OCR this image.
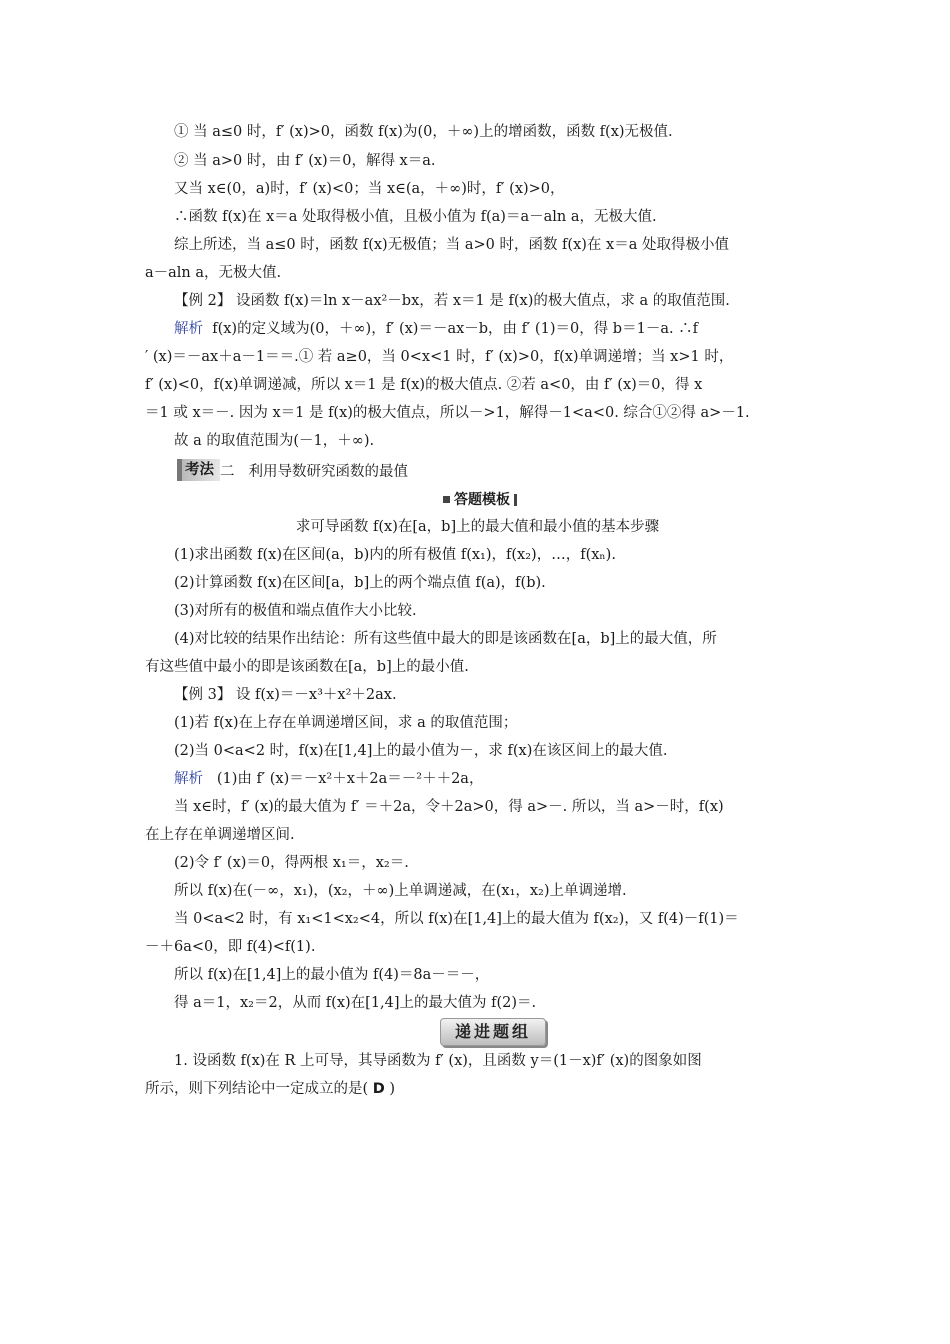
① 当 a≤0 时，f′ (x)>0，函数 f(x)为(0，＋∞)上的增函数，函数 f(x)无极值.
② 当 a>0 时，由 f′ (x)＝0，解得 x＝a.
又当 x∈(0，a)时，f′ (x)<0；当 x∈(a，＋∞)时，f′ (x)>0，
∴函数 f(x)在 x＝a 处取得极小值，且极小值为 f(a)＝a－aln a，无极大值.
综上所述，当 a≤0 时，函数 f(x)无极值；当 a>0 时，函数 f(x)在 x＝a 处取得极小值
a－aln a，无极大值.
【例 2】 设函数 f(x)＝ln x－ax²－bx，若 x＝1 是 f(x)的极大值点，求 a 的取值范围.
解析 f(x)的定义域为(0，＋∞)，f′ (x)＝－ax－b，由 f′ (1)＝0，得 b＝1－a. ∴f
′ (x)＝－ax＋a－1＝＝.① 若 a≥0，当 0<x<1 时，f′ (x)>0，f(x)单调递增；当 x>1 时，
f′ (x)<0，f(x)单调递减，所以 x＝1 是 f(x)的极大值点. ②若 a<0，由 f′ (x)＝0，得 x
＝1 或 x＝－. 因为 x＝1 是 f(x)的极大值点，所以－>1，解得－1<a<0. 综合①②得 a>－1.
故 a 的取值范围为(－1，＋∞).
考法 二 利用导数研究函数的最值
答题模板
求可导函数 f(x)在[a，b]上的最大值和最小值的基本步骤
(1)求出函数 f(x)在区间(a，b)内的所有极值 f(x₁)，f(x₂)，…，f(xₙ).
(2)计算函数 f(x)在区间[a，b]上的两个端点值 f(a)，f(b).
(3)对所有的极值和端点值作大小比较.
(4)对比较的结果作出结论：所有这些值中最大的即是该函数在[a，b]上的最大值，所
有这些值中最小的即是该函数在[a，b]上的最小值.
【例 3】 设 f(x)＝－x³＋x²＋2ax.
(1)若 f(x)在上存在单调递增区间，求 a 的取值范围；
(2)当 0<a<2 时，f(x)在[1,4]上的最小值为－，求 f(x)在该区间上的最大值.
解析 (1)由 f′ (x)＝－x²＋x＋2a＝－²＋＋2a，
当 x∈时，f′ (x)的最大值为 f′ ＝＋2a，令＋2a>0，得 a>－. 所以，当 a>－时，f(x)
在上存在单调递增区间.
(2)令 f′ (x)＝0，得两根 x₁＝，x₂＝.
所以 f(x)在(－∞，x₁)，(x₂，＋∞)上单调递减，在(x₁，x₂)上单调递增.
当 0<a<2 时，有 x₁<1<x₂<4，所以 f(x)在[1,4]上的最大值为 f(x₂)，又 f(4)－f(1)＝
－＋6a<0，即 f(4)<f(1).
所以 f(x)在[1,4]上的最小值为 f(4)＝8a－＝－，
得 a＝1，x₂＝2，从而 f(x)在[1,4]上的最大值为 f(2)＝.
递进题组
1. 设函数 f(x)在 R 上可导，其导函数为 f′ (x)，且函数 y＝(1－x)f′ (x)的图象如图
所示，则下列结论中一定成立的是( D )
